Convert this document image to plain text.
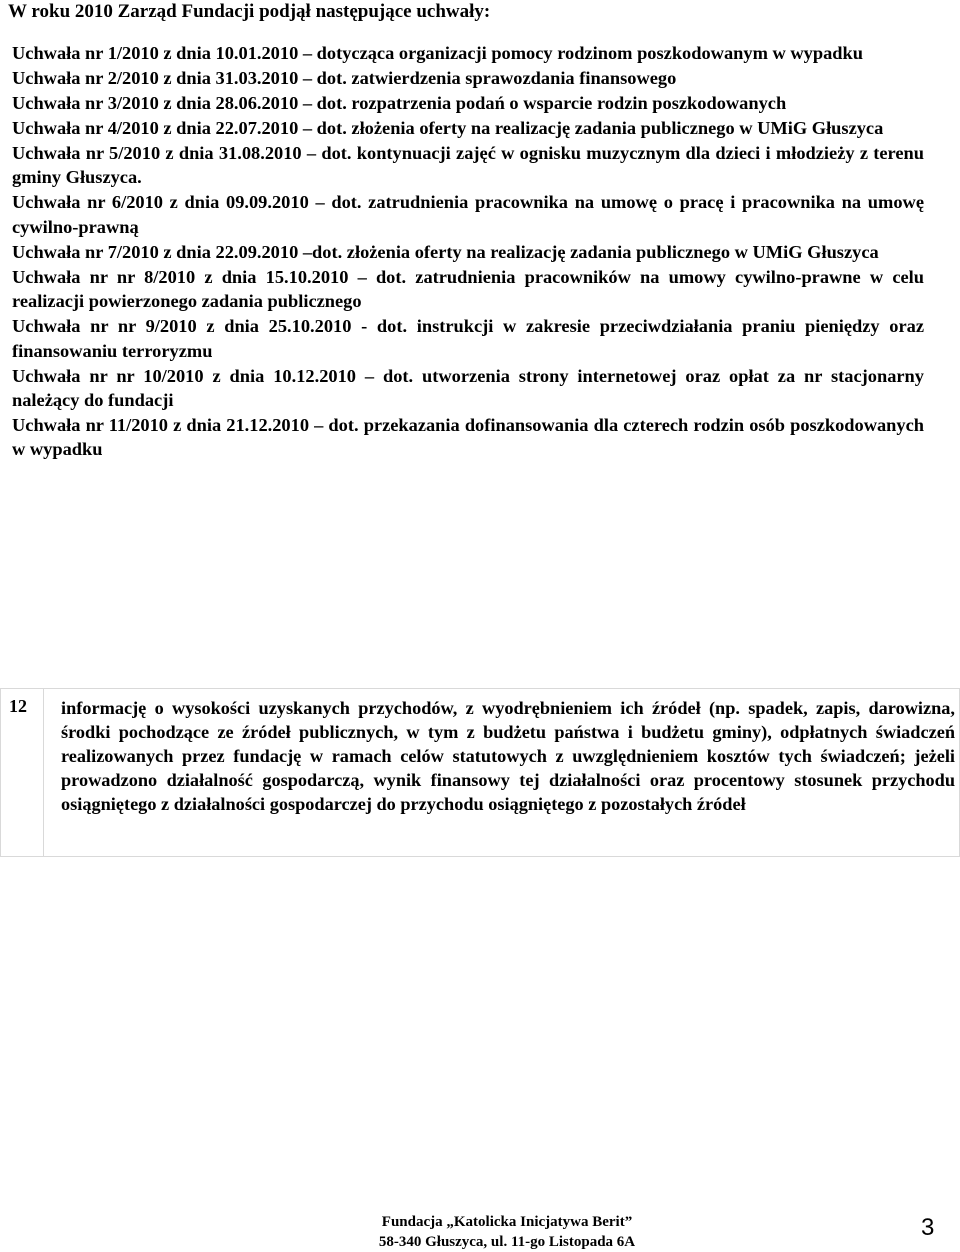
W roku 2010 Zarząd Fundacji podjął następujące uchwały:
Uchwała nr 1/2010 z dnia 10.01.2010 – dotycząca organizacji pomocy rodzinom poszkodowanym w wypadku
Uchwała nr 2/2010 z dnia 31.03.2010 – dot. zatwierdzenia sprawozdania finansowego
Uchwała nr 3/2010 z dnia 28.06.2010 – dot. rozpatrzenia podań o wsparcie rodzin poszkodowanych
Uchwała nr 4/2010 z dnia 22.07.2010 – dot. złożenia oferty na realizację zadania publicznego w UMiG Głuszyca
Uchwała nr 5/2010 z dnia 31.08.2010 – dot. kontynuacji zajęć w ognisku muzycznym dla dzieci i młodzieży z terenu gminy Głuszyca.
Uchwała nr 6/2010 z dnia 09.09.2010 – dot. zatrudnienia pracownika na umowę o pracę i pracownika na umowę cywilno-prawną
Uchwała nr 7/2010 z dnia 22.09.2010 –dot. złożenia oferty na realizację zadania publicznego w UMiG Głuszyca
Uchwała nr nr 8/2010 z dnia 15.10.2010 – dot. zatrudnienia pracowników na umowy cywilno-prawne w celu realizacji powierzonego zadania publicznego
Uchwała nr nr 9/2010 z dnia 25.10.2010 - dot. instrukcji w zakresie przeciwdziałania praniu pieniędzy oraz finansowaniu terroryzmu
Uchwała nr nr 10/2010 z dnia 10.12.2010 – dot. utworzenia strony internetowej oraz opłat za nr stacjonarny należący do fundacji
Uchwała nr 11/2010 z dnia 21.12.2010 – dot. przekazania dofinansowania dla czterech rodzin osób poszkodowanych w wypadku
12	informację o wysokości uzyskanych przychodów, z wyodrębnieniem ich źródeł (np. spadek, zapis, darowizna, środki pochodzące ze źródeł publicznych, w tym z budżetu państwa i budżetu gminy), odpłatnych świadczeń realizowanych przez fundację w ramach celów statutowych z uwzględnieniem kosztów tych świadczeń; jeżeli prowadzono działalność gospodarczą, wynik finansowy tej działalności oraz procentowy stosunek przychodu osiągniętego z działalności gospodarczej do przychodu osiągniętego z pozostałych źródeł
Fundacja „Katolicka Inicjatywa Berit”
58-340 Głuszyca, ul. 11-go Listopada 6A
3
